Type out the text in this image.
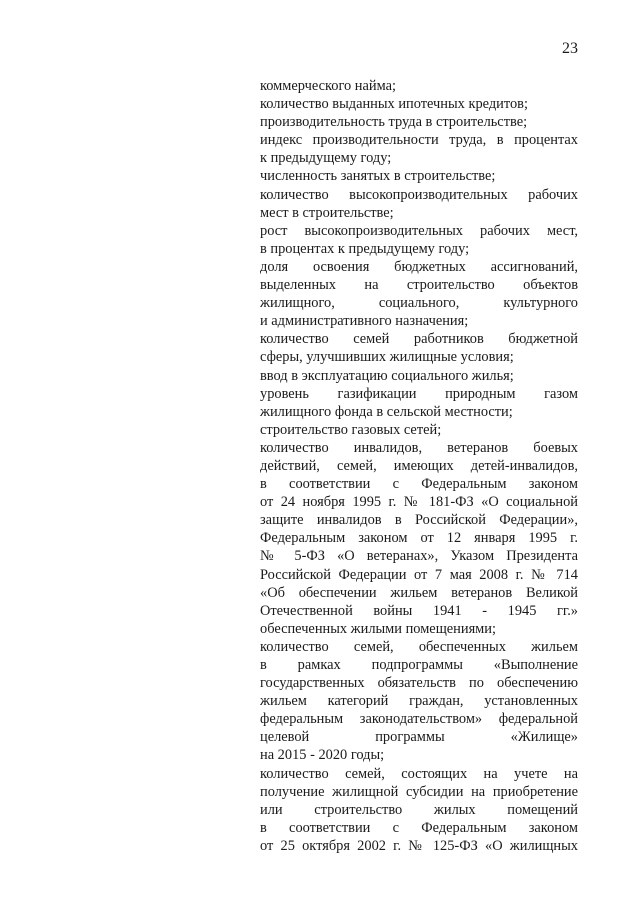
23
коммерческого найма;
количество выданных ипотечных кредитов;
производительность труда в строительстве;
индекс производительности труда, в процентах
к предыдущему году;
численность занятых в строительстве;
количество высокопроизводительных рабочих
мест в строительстве;
рост высокопроизводительных рабочих мест,
в процентах к предыдущему году;
доля освоения бюджетных ассигнований,
выделенных на строительство объектов
жилищного, социального, культурного
и административного назначения;
количество семей работников бюджетной
сферы, улучшивших жилищные условия;
ввод в эксплуатацию социального жилья;
уровень газификации природным газом
жилищного фонда в сельской местности;
строительство газовых сетей;
количество инвалидов, ветеранов боевых
действий, семей, имеющих детей-инвалидов,
в соответствии с Федеральным законом
от 24 ноября 1995 г. № 181-ФЗ «О социальной
защите инвалидов в Российской Федерации»,
Федеральным законом от 12 января 1995 г.
№ 5-ФЗ «О ветеранах», Указом Президента
Российской Федерации от 7 мая 2008 г. № 714
«Об обеспечении жильем ветеранов Великой
Отечественной войны 1941 - 1945 гг.»
обеспеченных жилыми помещениями;
количество семей, обеспеченных жильем
в рамках подпрограммы «Выполнение
государственных обязательств по обеспечению
жильем категорий граждан, установленных
федеральным законодательством» федеральной
целевой программы «Жилище»
на 2015 - 2020 годы;
количество семей, состоящих на учете на
получение жилищной субсидии на приобретение
или строительство жилых помещений
в соответствии с Федеральным законом
от 25 октября 2002 г. № 125-ФЗ «О жилищных
